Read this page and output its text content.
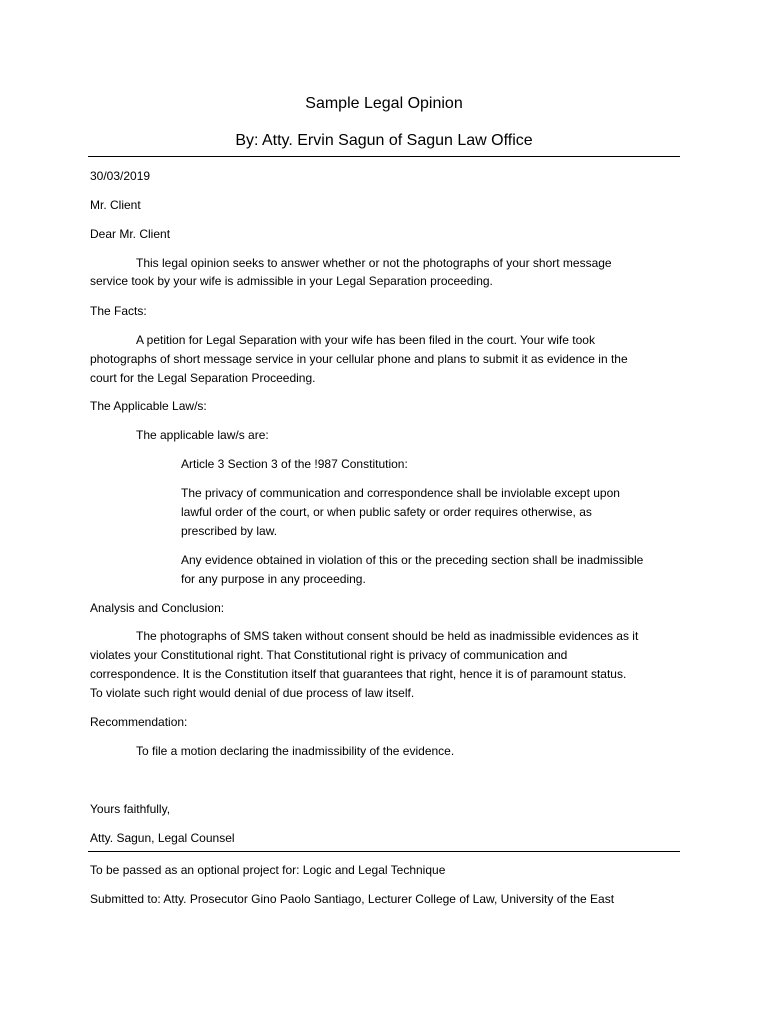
Sample Legal Opinion
By: Atty. Ervin Sagun of Sagun Law Office
30/03/2019
Mr. Client
Dear Mr. Client
This legal opinion seeks to answer whether or not the photographs of your short message
service took by your wife is admissible in your Legal Separation proceeding.
The Facts:
A petition for Legal Separation with your wife has been filed in the court. Your wife took
photographs of short message service in your cellular phone and plans to submit it as evidence in the
court for the Legal Separation Proceeding.
The Applicable Law/s:
The applicable law/s are:
Article 3 Section 3 of the !987 Constitution:
The privacy of communication and correspondence shall be inviolable except upon
lawful order of the court, or when public safety or order requires otherwise, as
prescribed by law.
Any evidence obtained in violation of this or the preceding section shall be inadmissible
for any purpose in any proceeding.
Analysis and Conclusion:
The photographs of SMS taken without consent should be held as inadmissible evidences as it
violates your Constitutional right. That Constitutional right is privacy of communication and
correspondence. It is the Constitution itself that guarantees that right, hence it is of paramount status.
To violate such right would denial of due process of law itself.
Recommendation:
To file a motion declaring the inadmissibility of the evidence.
Yours faithfully,
Atty. Sagun, Legal Counsel
To be passed as an optional project for: Logic and Legal Technique
Submitted to: Atty. Prosecutor Gino Paolo Santiago, Lecturer College of Law, University of the East
